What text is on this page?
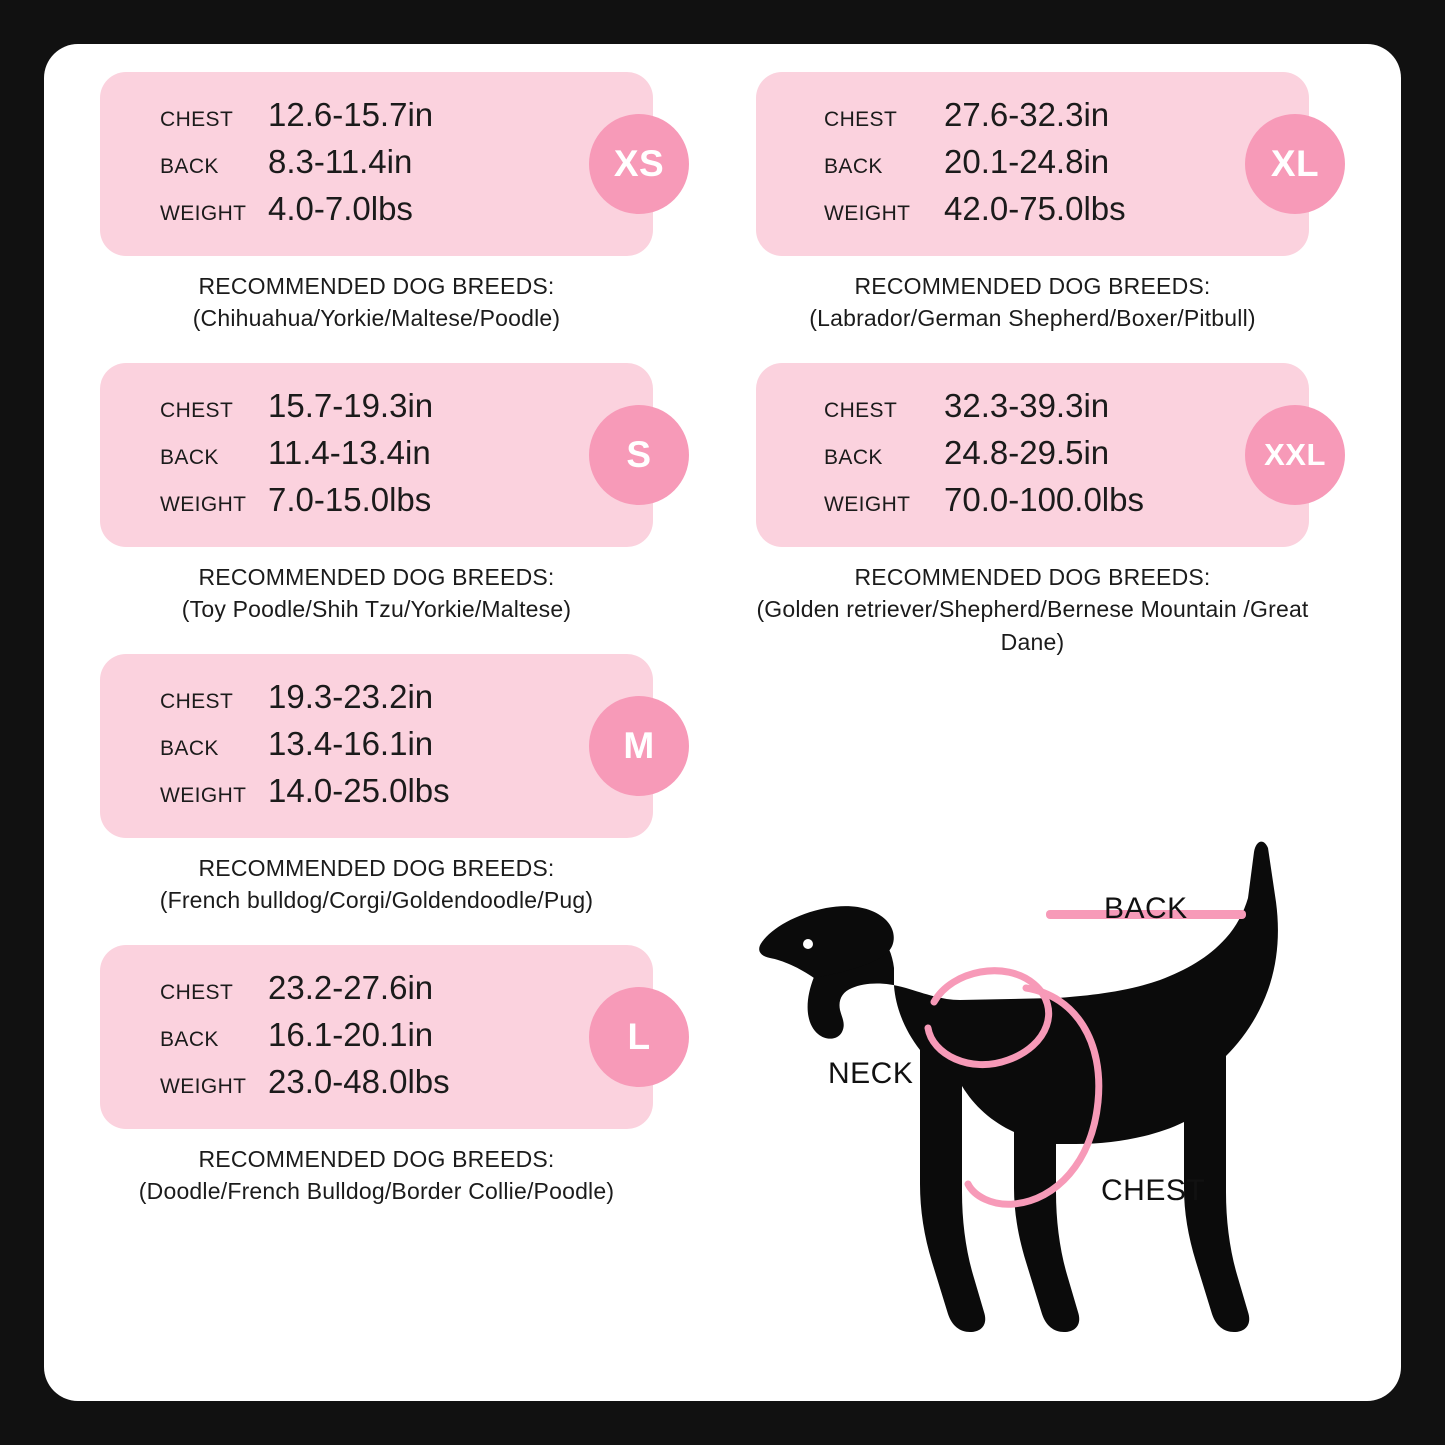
CHEST	12.6-15.7in
BACK	8.3-11.4in
WEIGHT 4.0-7.0lbs
XS
RECOMMENDED DOG BREEDS:
(Chihuahua/Yorkie/Maltese/Poodle)
CHEST	15.7-19.3in
BACK	11.4-13.4in
WEIGHT 7.0-15.0lbs
S
RECOMMENDED DOG BREEDS:
(Toy Poodle/Shih Tzu/Yorkie/Maltese)
CHEST	19.3-23.2in
BACK	13.4-16.1in
WEIGHT 14.0-25.0lbs
M
RECOMMENDED DOG BREEDS:
(French bulldog/Corgi/Goldendoodle/Pug)
CHEST	23.2-27.6in
BACK	16.1-20.1in
WEIGHT 23.0-48.0lbs
L
RECOMMENDED DOG BREEDS:
(Doodle/French Bulldog/Border Collie/Poodle)
CHEST	27.6-32.3in
BACK	20.1-24.8in
WEIGHT	42.0-75.0lbs
XL
RECOMMENDED DOG BREEDS:
(Labrador/German Shepherd/Boxer/Pitbull)
CHEST	32.3-39.3in
BACK	24.8-29.5in
WEIGHT	70.0-100.0lbs
XXL
RECOMMENDED DOG BREEDS:
(Golden retriever/Shepherd/Bernese Mountain /Great Dane)
BACK
NECK
CHEST
